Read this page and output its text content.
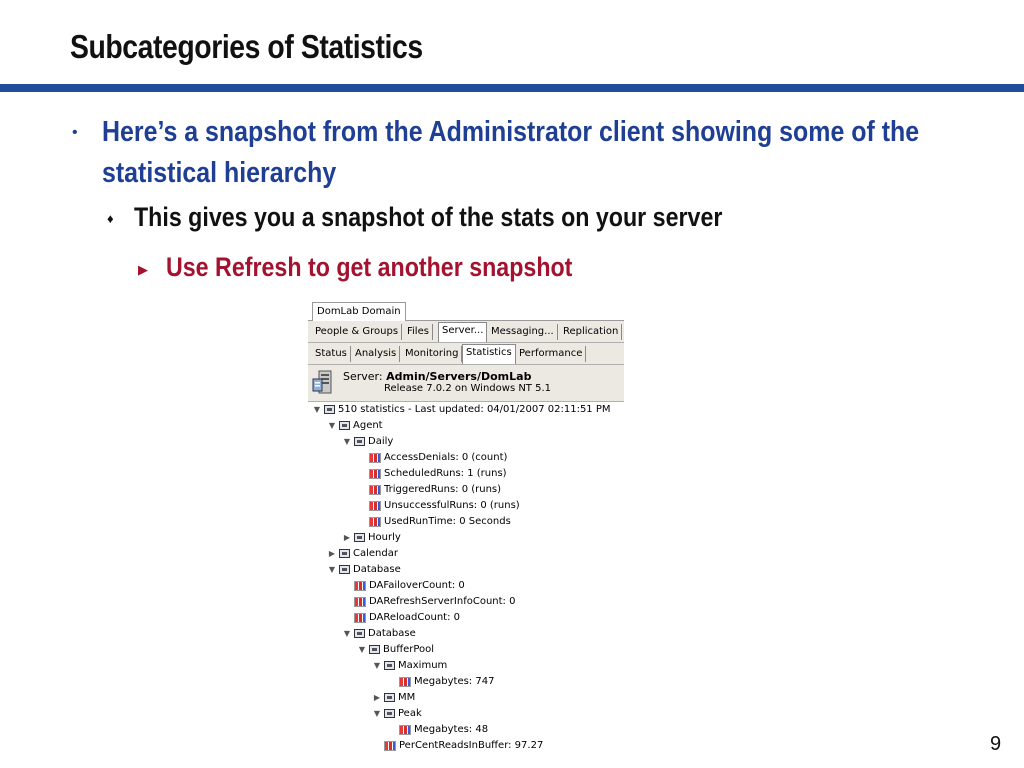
Subcategories of Statistics
• Here’s a snapshot from the Administrator client showing some of the statistical hierarchy
♦ This gives you a snapshot of the stats on your server
▶ Use Refresh to get another snapshot
DomLab Domain
People & Groups Files	Server... Messaging... Replication
Status Analysis Monitoring Statistics Performance
Server: Admin/Servers/DomLab
Release 7.0.2 on Windows NT 5.1
▼ 510 statistics - Last updated: 04/01/2007 02:11:51 PM
▼ Agent
▼ Daily
AccessDenials: 0 (count)
ScheduledRuns: 1 (runs)
TriggeredRuns: 0 (runs)
UnsuccessfulRuns: 0 (runs)
UsedRunTime: 0 Seconds
▶ Hourly
▶ Calendar
▼ Database
DAFailoverCount: 0
DARefreshServerInfoCount: 0
DAReloadCount: 0
▼ Database
▼ BufferPool
▼ Maximum
Megabytes: 747
▶ MM
▼ Peak
Megabytes: 48
PerCentReadsInBuffer: 97.27	9
